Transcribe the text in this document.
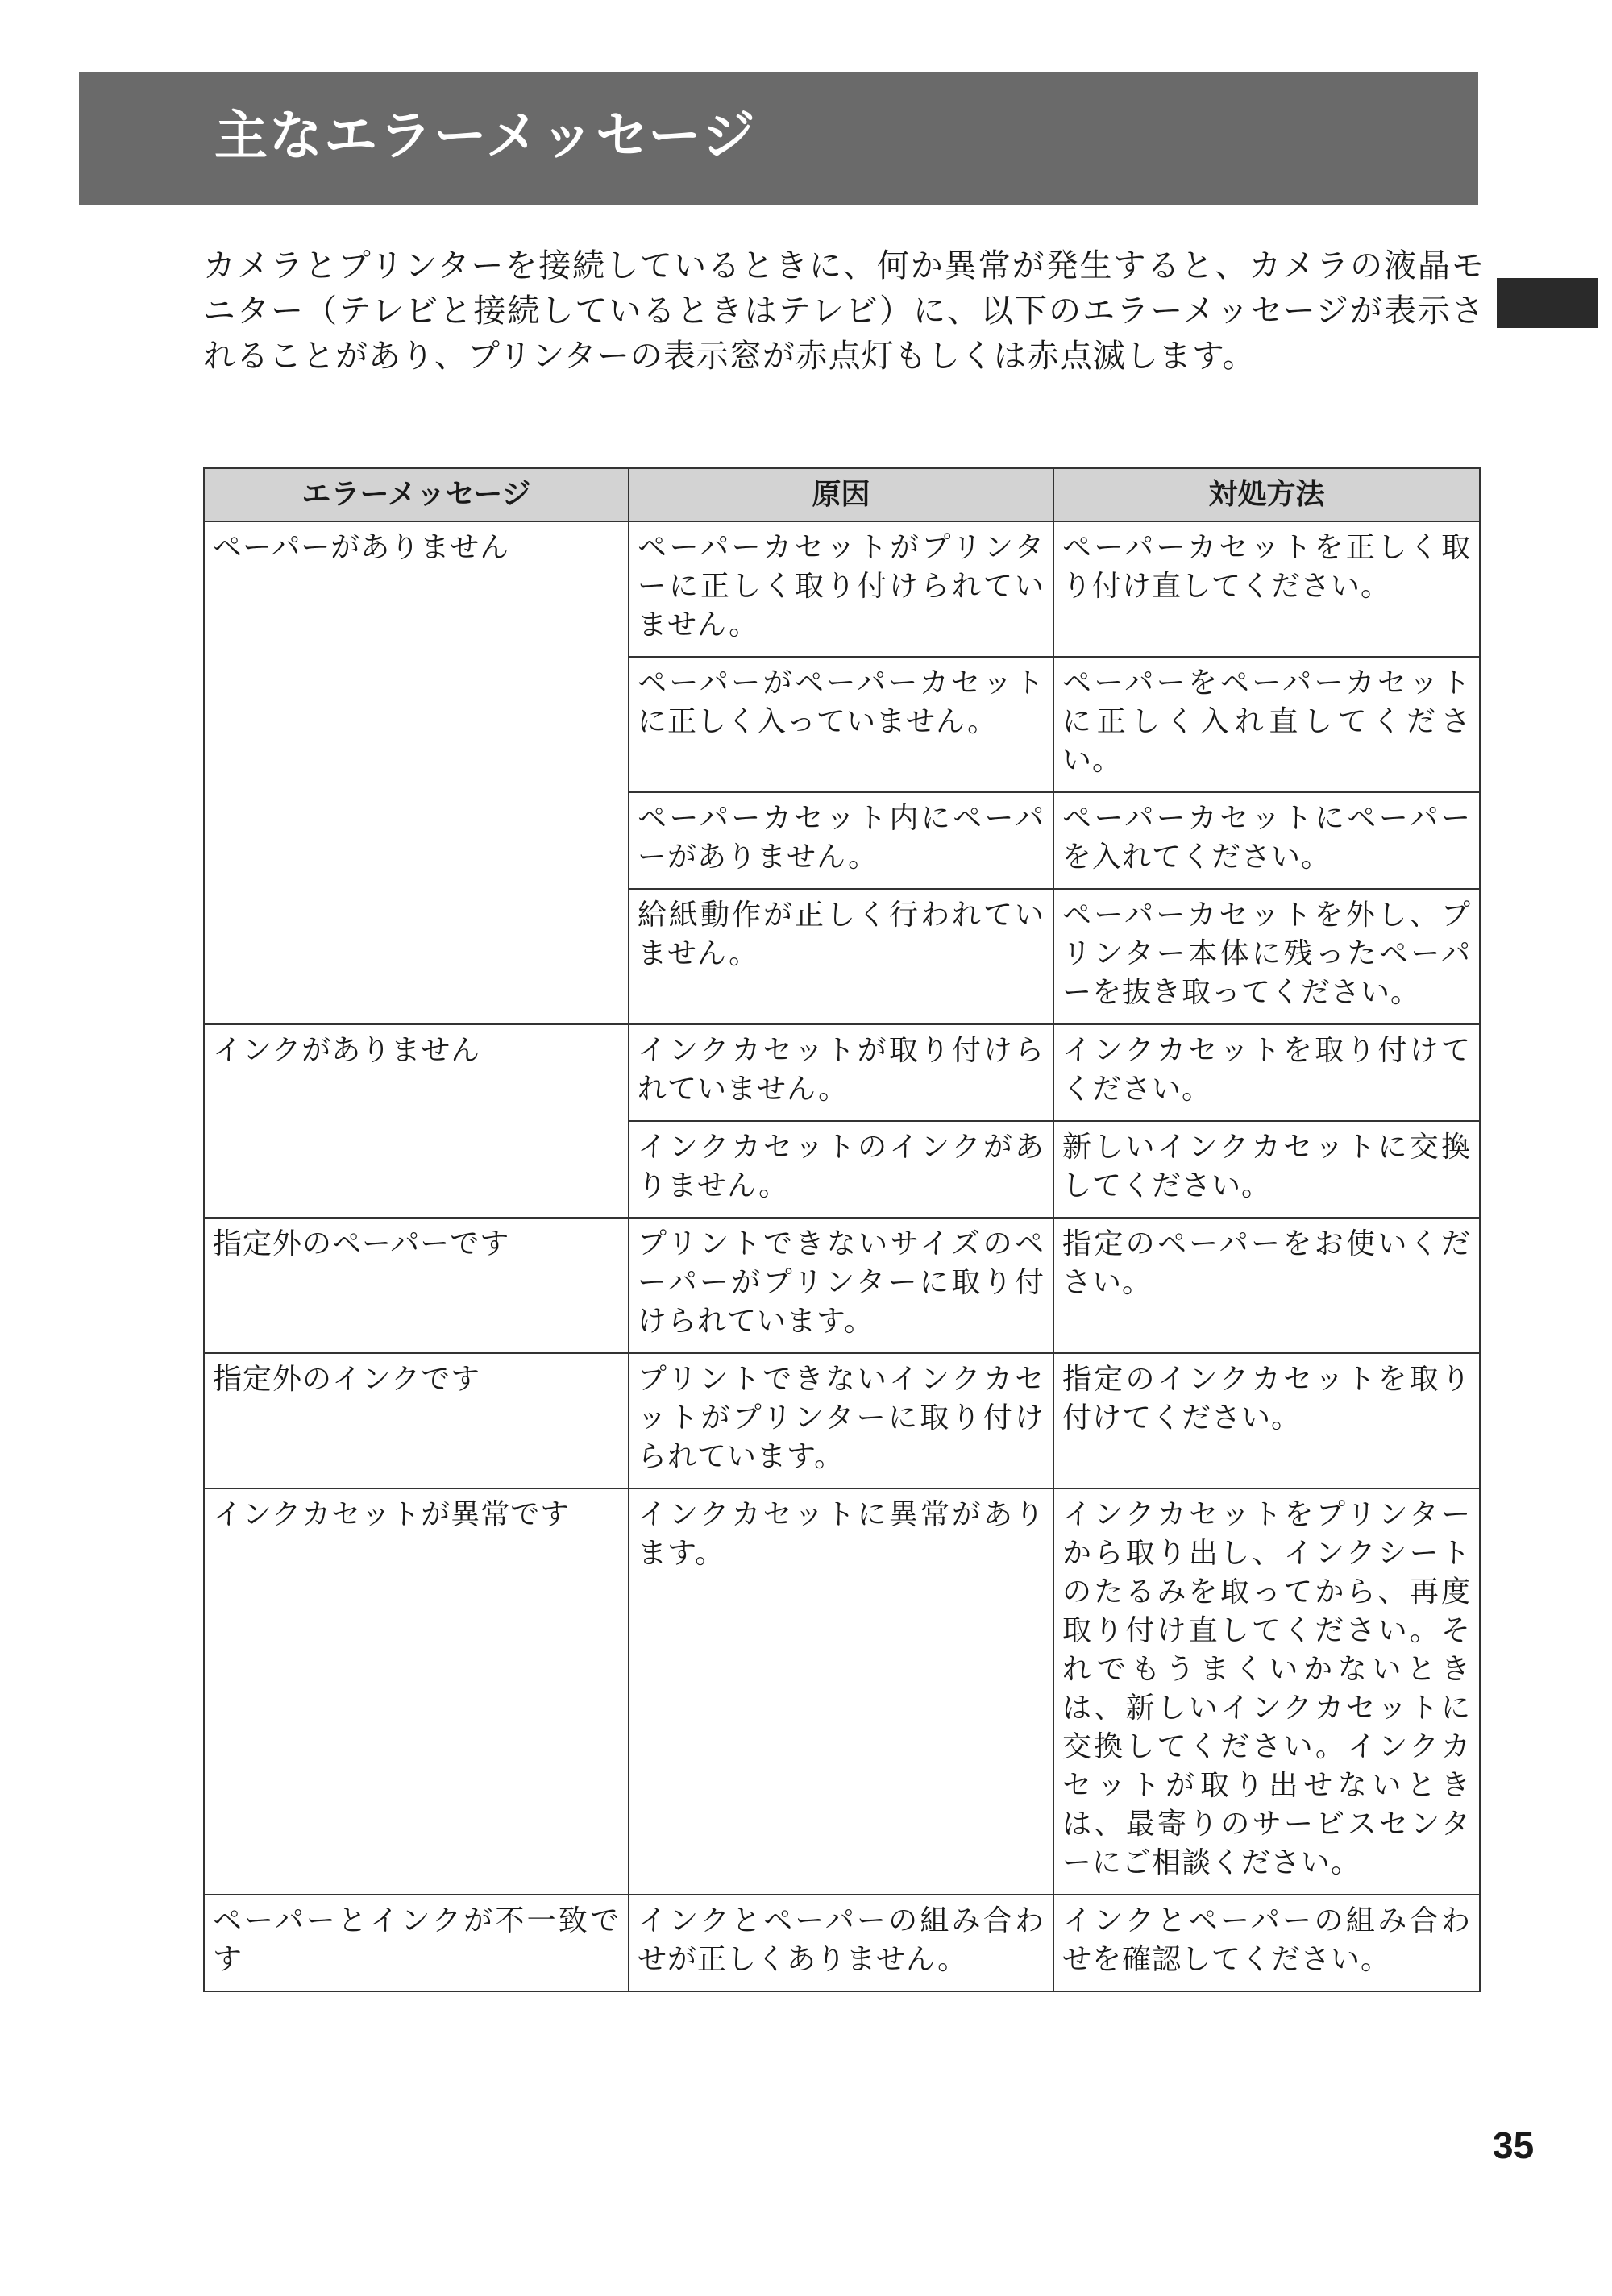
主なエラーメッセージ

カメラとプリンターを接続しているときに、何か異常が発生すると、カメラの液晶モニター（テレビと接続しているときはテレビ）に、以下のエラーメッセージが表示されることがあり、プリンターの表示窓が赤点灯もしくは赤点滅します。

エラーメッセージ	原因	対処方法
ペーパーがありません	ペーパーカセットがプリンターに正しく取り付けられていません。	ペーパーカセットを正しく取り付け直してください。
	ペーパーがペーパーカセットに正しく入っていません。	ペーパーをペーパーカセットに正しく入れ直してください。
	ペーパーカセット内にペーパーがありません。	ペーパーカセットにペーパーを入れてください。
	給紙動作が正しく行われていません。	ペーパーカセットを外し、プリンター本体に残ったペーパーを抜き取ってください。
インクがありません	インクカセットが取り付けられていません。	インクカセットを取り付けてください。
	インクカセットのインクがありません。	新しいインクカセットに交換してください。
指定外のペーパーです	プリントできないサイズのペーパーがプリンターに取り付けられています。	指定のペーパーをお使いください。
指定外のインクです	プリントできないインクカセットがプリンターに取り付けられています。	指定のインクカセットを取り付けてください。
インクカセットが異常です	インクカセットに異常があります。	インクカセットをプリンターから取り出し、インクシートのたるみを取ってから、再度取り付け直してください。それでもうまくいかないときは、新しいインクカセットに交換してください。インクカセットが取り出せないときは、最寄りのサービスセンターにご相談ください。
ペーパーとインクが不一致です	インクとペーパーの組み合わせが正しくありません。	インクとペーパーの組み合わせを確認してください。
35
